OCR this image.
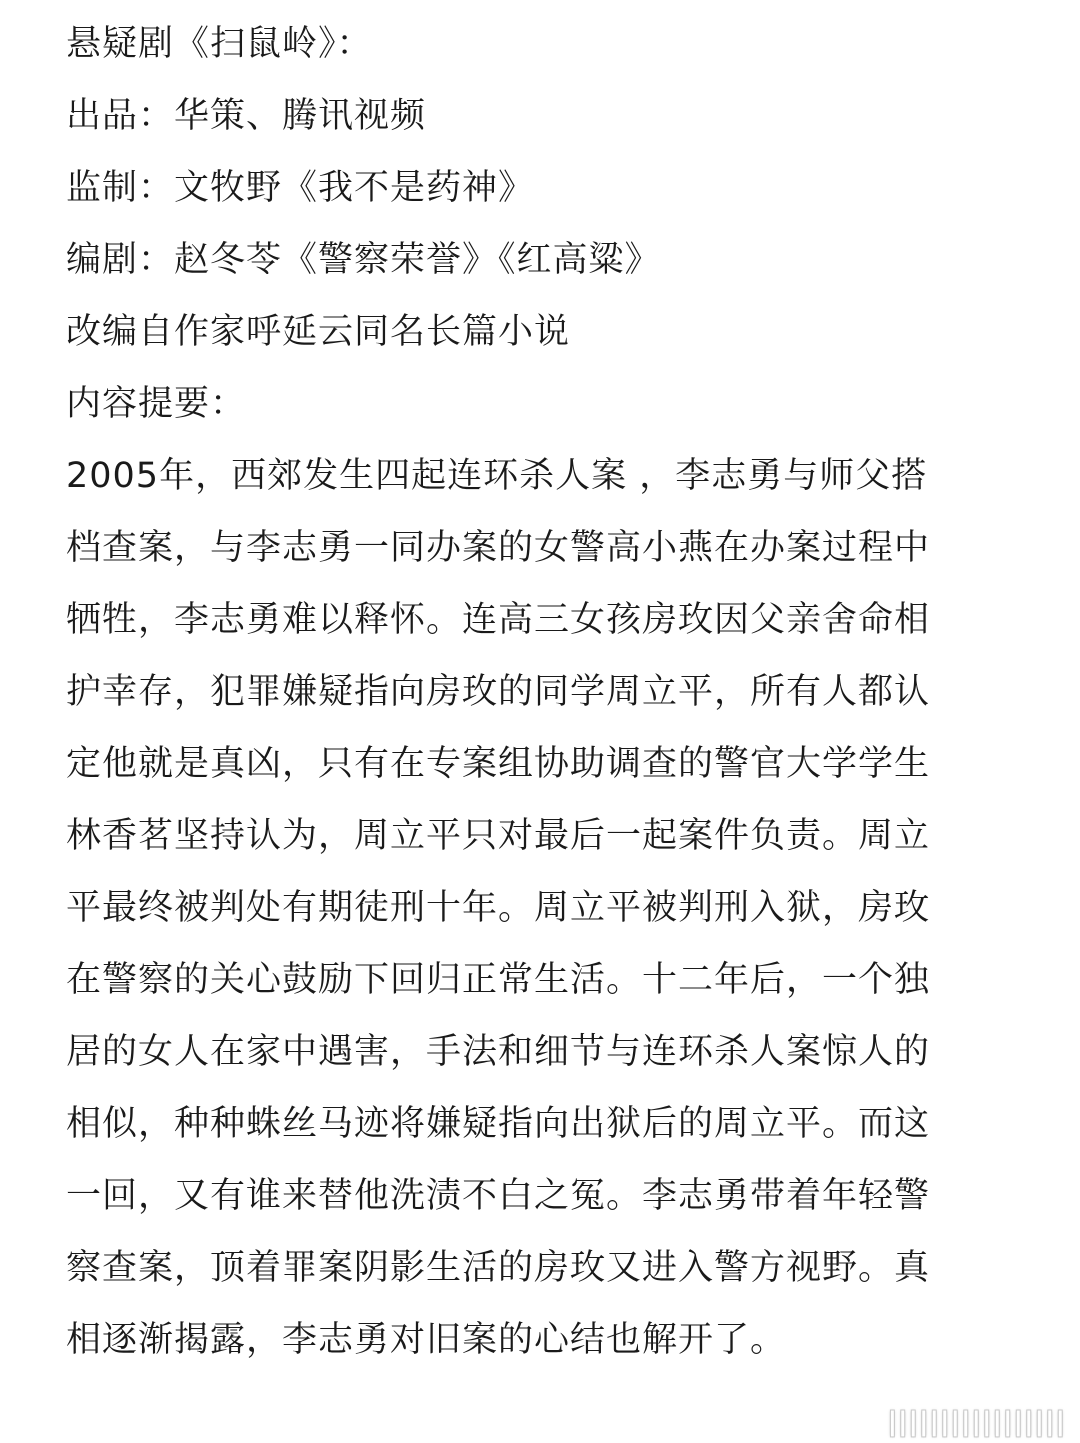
悬疑剧《扫鼠岭》：
出品：华策、腾讯视频
监制：文牧野《我不是药神》
编剧：赵冬苓《警察荣誉》《红高粱》
改编自作家呼延云同名长篇小说
内容提要：

2005年，西郊发生四起连环杀人案 ，李志勇与师父搭
档查案，与李志勇一同办案的女警高小燕在办案过程中
牺牲，李志勇难以释怀。连高三女孩房玫因父亲舍命相
护幸存，犯罪嫌疑指向房玫的同学周立平，所有人都认
定他就是真凶，只有在专案组协助调查的警官大学学生
林香茗坚持认为，周立平只对最后一起案件负责。周立
平最终被判处有期徒刑十年。周立平被判刑入狱，房玫
在警察的关心鼓励下回归正常生活。十二年后，一个独
居的女人在家中遇害，手法和细节与连环杀人案惊人的
相似，种种蛛丝马迹将嫌疑指向出狱后的周立平。而这
一回，又有谁来替他洗渍不白之冤。李志勇带着年轻警
察查案，顶着罪案阴影生活的房玫又进入警方视野。真
相逐渐揭露，李志勇对旧案的心结也解开了。

|||||||||||||||||
